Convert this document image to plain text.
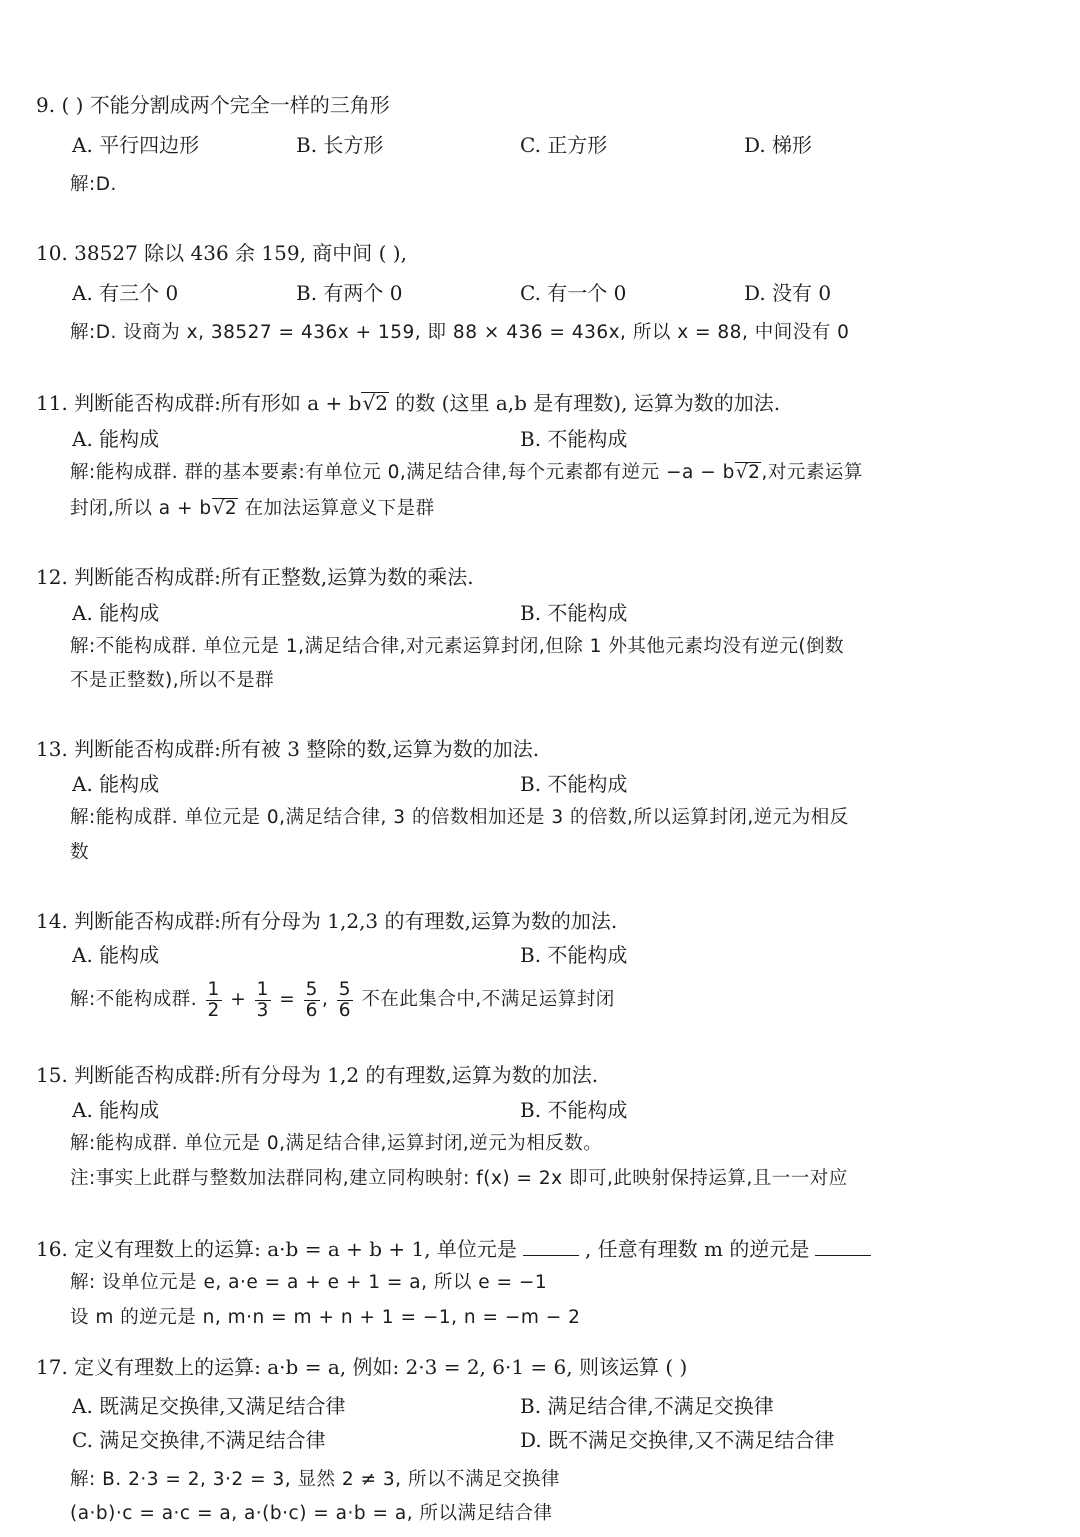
9. ( ) 不能分割成两个完全一样的三角形
A. 平行四边形	B. 长方形	C. 正方形	D. 梯形
解:D.
10. 38527 除以 436 余 159, 商中间 ( ),
A. 有三个 0	B. 有两个 0	C. 有一个 0	D. 没有 0
解:D. 设商为 x, 38527 = 436x + 159, 即 88 × 436 = 436x, 所以 x = 88, 中间没有 0
11. 判断能否构成群:所有形如 a + b√2 的数 (这里 a,b 是有理数), 运算为数的加法.
A. 能构成	B. 不能构成
解:能构成群. 群的基本要素:有单位元 0,满足结合律,每个元素都有逆元 −a − b√2,对元素运算
封闭,所以 a + b√2 在加法运算意义下是群
12. 判断能否构成群:所有正整数,运算为数的乘法.
A. 能构成	B. 不能构成
解:不能构成群. 单位元是 1,满足结合律,对元素运算封闭,但除 1 外其他元素均没有逆元(倒数
不是正整数),所以不是群
13. 判断能否构成群:所有被 3 整除的数,运算为数的加法.
A. 能构成	B. 不能构成
解:能构成群. 单位元是 0,满足结合律, 3 的倍数相加还是 3 的倍数,所以运算封闭,逆元为相反
数
14. 判断能否构成群:所有分母为 1,2,3 的有理数,运算为数的加法.
A. 能构成	B. 不能构成
解:不能构成群. $\frac{1}{2} + \frac{1}{3} = \frac{5}{6}$ , $\frac{5}{6}$ 不在此集合中,不满足运算封闭
15. 判断能否构成群:所有分母为 1,2 的有理数,运算为数的加法.
A. 能构成	B. 不能构成
解:能构成群. 单位元是 0,满足结合律,运算封闭,逆元为相反数。
注:事实上此群与整数加法群同构,建立同构映射: f(x) = 2x 即可,此映射保持运算,且一一对应
16. 定义有理数上的运算: a·b = a + b + 1, 单位元是	, 任意有理数 m 的逆元是
解: 设单位元是 e, a·e = a + e + 1 = a, 所以 e = −1
设 m 的逆元是 n, m·n = m + n + 1 = −1, n = −m − 2
17. 定义有理数上的运算: a·b = a, 例如: 2·3 = 2, 6·1 = 6, 则该运算 ( )
A. 既满足交换律,又满足结合律	B. 满足结合律,不满足交换律
C. 满足交换律,不满足结合律	D. 既不满足交换律,又不满足结合律
解: B. 2·3 = 2, 3·2 = 3, 显然 2 ≠ 3, 所以不满足交换律
(a·b)·c = a·c = a, a·(b·c) = a·b = a, 所以满足结合律
